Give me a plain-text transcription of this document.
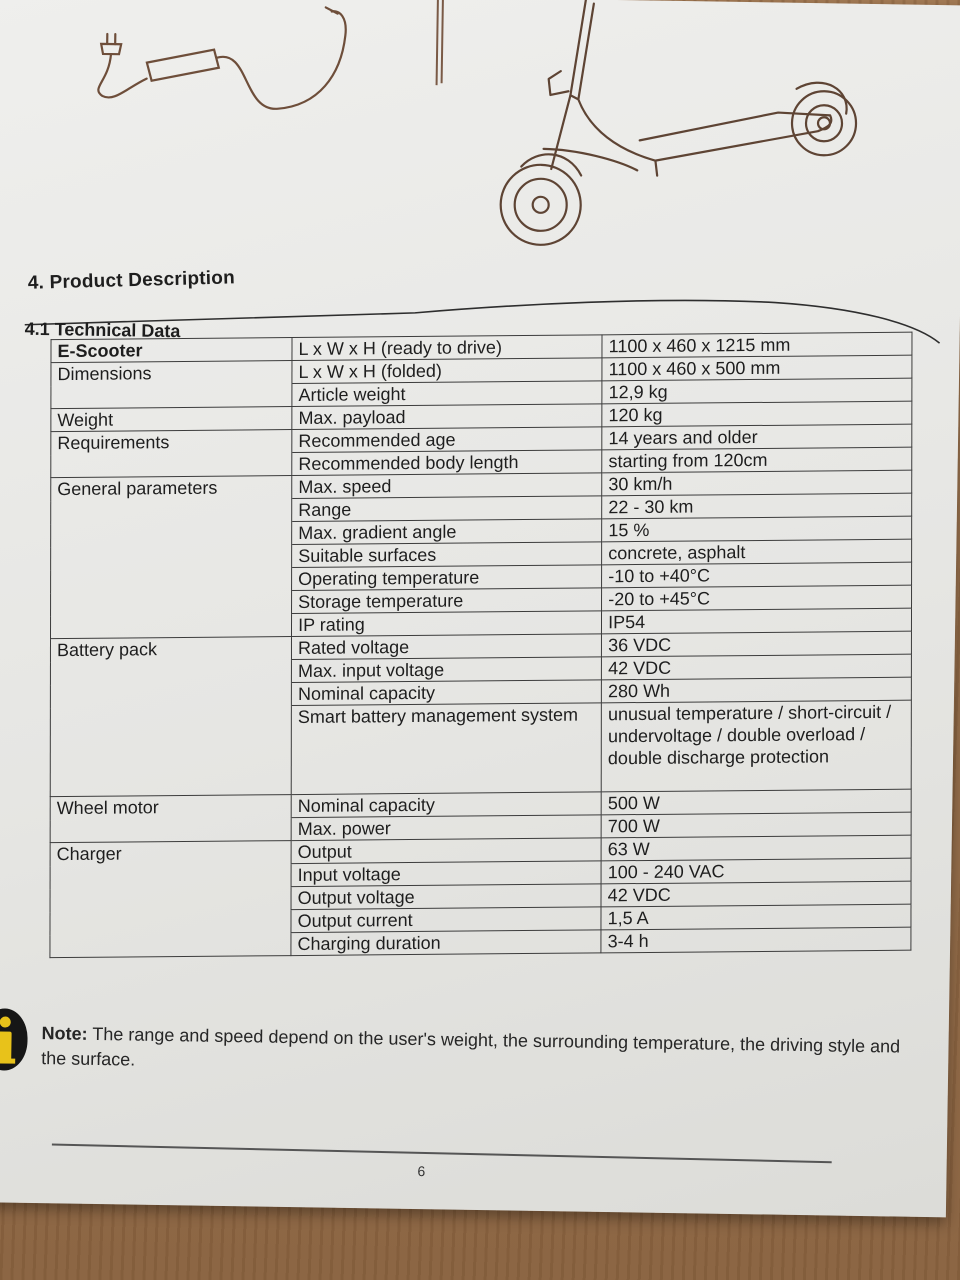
4. Product Description
4.1 Technical Data
E-Scooter	L x W x H (ready to drive)	1100 x 460 x 1215 mm
Dimensions	L x W x H (folded)	1100 x 460 x 500 mm
	Article weight	12,9 kg
Weight	Max. payload	120 kg
Requirements	Recommended age	14 years and older
	Recommended body length	starting from 120cm
General parameters	Max. speed	30 km/h
	Range	22 - 30 km
	Max. gradient angle	15 %
	Suitable surfaces	concrete, asphalt
	Operating temperature	-10 to +40°C
	Storage temperature	-20 to +45°C
	IP rating	IP54
Battery pack	Rated voltage	36 VDC
	Max. input voltage	42 VDC
	Nominal capacity	280 Wh
	Smart battery management system	unusual temperature / short-circuit / undervoltage / double overload / double discharge protection
Wheel motor	Nominal capacity	500 W
	Max. power	700 W
Charger	Output	63 W
	Input voltage	100 - 240 VAC
	Output voltage	42 VDC
	Output current	1,5 A
	Charging duration	3-4 h
Note: The range and speed depend on the user's weight, the surrounding temperature, the driving style and the surface.
6
